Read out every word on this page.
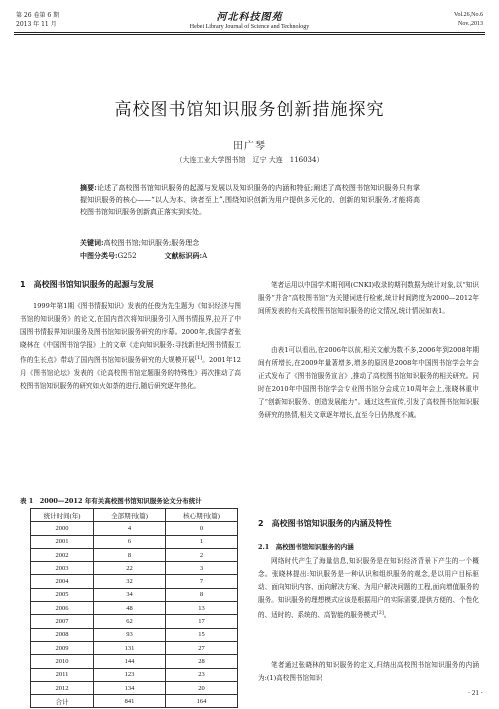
第 26 卷第 6 期
2013 年 11 月
河北科技图苑
Hebei Library Journal of Science and Technology
Vol.26,No.6
Nov.,2013
高校图书馆知识服务创新措施探究
田广琴
（大连工业大学图书馆　辽宁 大连　116034）
摘要:论述了高校图书馆知识服务的起源与发展以及知识服务的内涵和特征;阐述了高校图书馆知识服务只有掌握知识服务的核心——“以人为本、读者至上”,围绕知识创新为用户提供多元化的、创新的知识服务,才能将高校图书馆知识服务创新真正落实到实处。
关键词:高校图书馆;知识服务;服务理念
中图分类号:G252	文献标识码:A
1　高校图书馆知识服务的起源与发展
1999年第1期《图书情报知识》发表的任俊为先生题为《知识经济与图书馆的知识服务》的论文,在国内首次将知识服务引入图书情报界,拉开了中国图书情报界知识服务及图书馆知识服务研究的序幕。2000年,我国学者张晓林在《中国图书馆学报》上的文章《走向知识服务:寻找新世纪图书情报工作的生长点》带动了国内图书馆知识服务研究的大规模开展[1]。2001年12月《图书馆论坛》发表的《论高校图书馆定题服务的特殊性》再次推动了高校图书馆知识服务的研究如火如荼的进行,随后研究逐年热化。
表 1　2000—2012 年有关高校图书馆知识服务论文分布统计
统计时间(年)	全部期刊(篇)	核心期刊(篇)
2000	4	0
2001	6	1
2002	8	2
2003	22	3
2004	32	7
2005	34	8
2006	48	13
2007	62	17
2008	93	15
2009	131	27
2010	144	28
2011	123	23
2012	134	20
合计	841	164
笔者运用以中国学术期刊网(CNKI)收录的期刊数据为统计对象,以“知识服务”并含“高校图书馆”为关键词进行检索,统计时间跨度为2000—2012年间所发表的有关高校图书馆知识服务的论文情况,统计情况如表1。
由表1可以看出,在2006年以前,相关文献为数不多,2006年到2008年期间有所增长,在2009年量著增多,增多的原因是2008年中国图书馆学会年会正式发布了《图书馆服务宣言》,推动了高校图书馆知识服务的相关研究。同时在2010年中国图书馆学会专业图书馆分会成立10周年会上,张晓林重申了“创新知识服务、创造发展能力”。通过这些宣传,引发了高校图书馆知识服务研究的热情,相关文章逐年增长,直至今日仍热度不减。
2　高校图书馆知识服务的内涵及特性
2.1　高校图书馆知识服务的内涵
网络时代产生了海量信息,知识服务是在知识经济背景下产生的一个概念。张晓林提出:知识服务是一种认识和组织服务的观念,是以用户目标驱动、面向知识内容、面向解决方案、为用户解决问题的工程,面向增值服务的服务。知识服务的理想模式应该是根据用户的实际需要,提供方便的、个性化的、适时的、系统的、高智能的服务模式[2]。
笔者通过张晓林的知识服务的定义,归纳出高校图书馆知识服务的内涵为:(1)高校图书馆知识
· 21 ·
